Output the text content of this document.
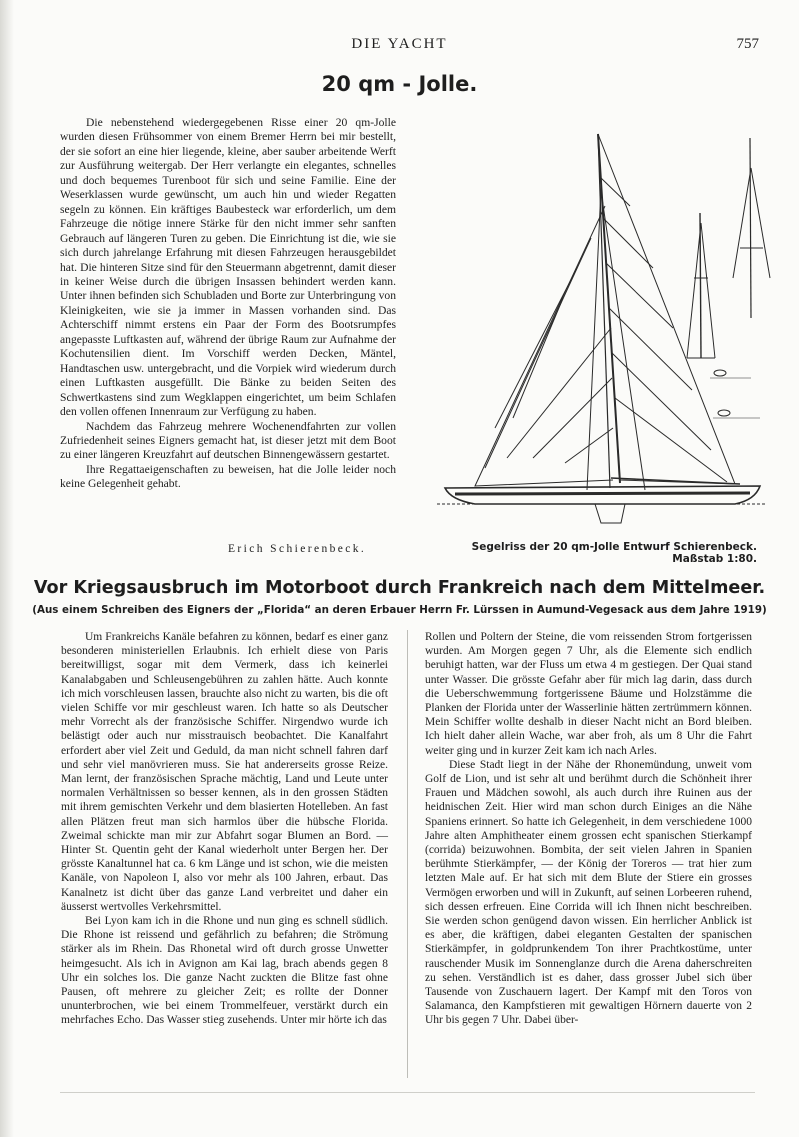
DIE YACHT	757
20 qm - Jolle.

Die nebenstehend wiedergegebenen Risse einer 20 qm-Jolle wurden diesen Frühsommer von einem Bremer Herrn bei mir bestellt, der sie sofort an eine hier liegende, kleine, aber sauber arbeitende Werft zur Ausführung weitergab. Der Herr verlangte ein elegantes, schnelles und doch bequemes Turenboot für sich und seine Familie. Eine der Weserklassen wurde gewünscht, um auch hin und wieder Regatten segeln zu können. Ein kräftiges Baubesteck war erforderlich, um dem Fahrzeuge die nötige innere Stärke für den nicht immer sehr sanften Gebrauch auf längeren Turen zu geben. Die Einrichtung ist die, wie sie sich durch jahrelange Erfahrung mit diesen Fahrzeugen herausgebildet hat. Die hinteren Sitze sind für den Steuermann abgetrennt, damit dieser in keiner Weise durch die übrigen Insassen behindert werden kann. Unter ihnen befinden sich Schubladen und Borte zur Unterbringung von Kleinigkeiten, wie sie ja immer in Massen vorhanden sind. Das Achterschiff nimmt erstens ein Paar der Form des Bootsrumpfes angepasste Luftkasten auf, während der übrige Raum zur Aufnahme der Kochutensilien dient. Im Vorschiff werden Decken, Mäntel, Handtaschen usw. untergebracht, und die Vorpiek wird wiederum durch einen Luftkasten ausgefüllt. Die Bänke zu beiden Seiten des Schwertkastens sind zum Wegklappen eingerichtet, um beim Schlafen den vollen offenen Innenraum zur Verfügung zu haben.

Nachdem das Fahrzeug mehrere Wochenendfahrten zur vollen Zufriedenheit seines Eigners gemacht hat, ist dieser jetzt mit dem Boot zu einer längeren Kreuzfahrt auf deutschen Binnengewässern gestartet.

Ihre Regattaeigenschaften zu beweisen, hat die Jolle leider noch keine Gelegenheit gehabt.

Erich Schierenbeck.	Segelriss der 20 qm-Jolle Entwurf Schierenbeck. Maßstab 1:80.
Vor Kriegsausbruch im Motorboot durch Frankreich nach dem Mittelmeer.
(Aus einem Schreiben des Eigners der „Florida“ an deren Erbauer Herrn Fr. Lürssen in Aumund-Vegesack aus dem Jahre 1919)

Um Frankreichs Kanäle befahren zu können, bedarf es einer ganz besonderen ministeriellen Erlaubnis. Ich erhielt diese von Paris bereitwilligst, sogar mit dem Vermerk, dass ich keinerlei Kanalabgaben und Schleusengebühren zu zahlen hätte. Auch konnte ich mich vorschleusen lassen, brauchte also nicht zu warten, bis die oft vielen Schiffe vor mir geschleust waren. Ich hatte so als Deutscher mehr Vorrecht als der französische Schiffer. Nirgendwo wurde ich belästigt oder auch nur misstrauisch beobachtet. Die Kanalfahrt erfordert aber viel Zeit und Geduld, da man nicht schnell fahren darf und sehr viel manövrieren muss. Sie hat andererseits grosse Reize. Man lernt, der französischen Sprache mächtig, Land und Leute unter normalen Verhältnissen so besser kennen, als in den grossen Städten mit ihrem gemischten Verkehr und dem blasierten Hotelleben. An fast allen Plätzen freut man sich harmlos über die hübsche Florida. Zweimal schickte man mir zur Abfahrt sogar Blumen an Bord. — Hinter St. Quentin geht der Kanal wiederholt unter Bergen her. Der grösste Kanaltunnel hat ca. 6 km Länge und ist schon, wie die meisten Kanäle, von Napoleon I, also vor mehr als 100 Jahren, erbaut. Das Kanalnetz ist dicht über das ganze Land verbreitet und daher ein äusserst wertvolles Verkehrsmittel.

Bei Lyon kam ich in die Rhone und nun ging es schnell südlich. Die Rhone ist reissend und gefährlich zu befahren; die Strömung stärker als im Rhein. Das Rhonetal wird oft durch grosse Unwetter heimgesucht. Als ich in Avignon am Kai lag, brach abends gegen 8 Uhr ein solches los. Die ganze Nacht zuckten die Blitze fast ohne Pausen, oft mehrere zu gleicher Zeit; es rollte der Donner ununterbrochen, wie bei einem Trommelfeuer, verstärkt durch ein mehrfaches Echo. Das Wasser stieg zusehends. Unter mir hörte ich das

Rollen und Poltern der Steine, die vom reissenden Strom fortgerissen wurden. Am Morgen gegen 7 Uhr, als die Elemente sich endlich beruhigt hatten, war der Fluss um etwa 4 m gestiegen. Der Quai stand unter Wasser. Die grösste Gefahr aber für mich lag darin, dass durch die Ueberschwemmung fortgerissene Bäume und Holzstämme die Planken der Florida unter der Wasserlinie hätten zertrümmern können. Mein Schiffer wollte deshalb in dieser Nacht nicht an Bord bleiben. Ich hielt daher allein Wache, war aber froh, als um 8 Uhr die Fahrt weiter ging und in kurzer Zeit kam ich nach Arles.

Diese Stadt liegt in der Nähe der Rhonemündung, unweit vom Golf de Lion, und ist sehr alt und berühmt durch die Schönheit ihrer Frauen und Mädchen sowohl, als auch durch ihre Ruinen aus der heidnischen Zeit. Hier wird man schon durch Einiges an die Nähe Spaniens erinnert. So hatte ich Gelegenheit, in dem verschiedene 1000 Jahre alten Amphitheater einem grossen echt spanischen Stierkampf (corrida) beizuwohnen. Bombita, der seit vielen Jahren in Spanien berühmte Stierkämpfer, — der König der Toreros — trat hier zum letzten Male auf. Er hat sich mit dem Blute der Stiere ein grosses Vermögen erworben und will in Zukunft, auf seinen Lorbeeren ruhend, sich dessen erfreuen. Eine Corrida will ich Ihnen nicht beschreiben. Sie werden schon genügend davon wissen. Ein herrlicher Anblick ist es aber, die kräftigen, dabei eleganten Gestalten der spanischen Stierkämpfer, in goldprunkendem Ton ihrer Prachtkostüme, unter rauschender Musik im Sonnenglanze durch die Arena daherschreiten zu sehen. Verständlich ist es daher, dass grosser Jubel sich über Tausende von Zuschauern lagert. Der Kampf mit den Toros von Salamanca, den Kampfstieren mit gewaltigen Hörnern dauerte von 2 Uhr bis gegen 7 Uhr. Dabei über-
